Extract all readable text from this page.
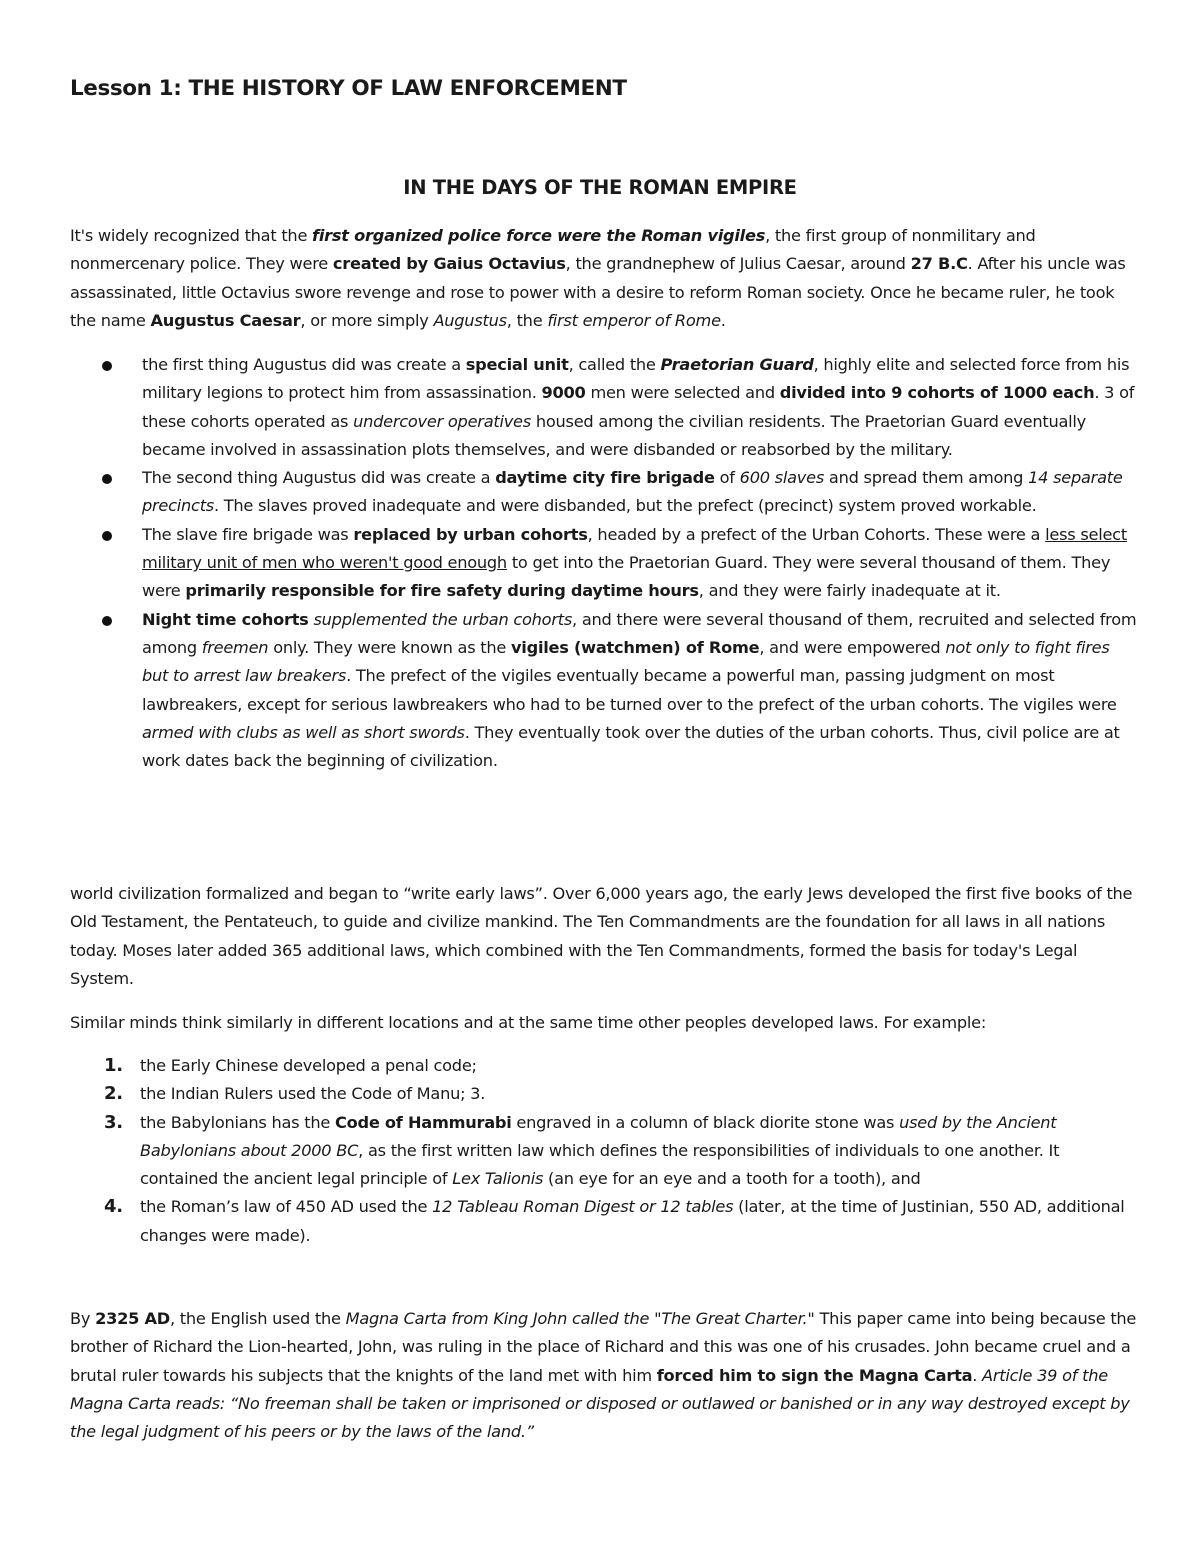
Lesson 1: THE HISTORY OF LAW ENFORCEMENT
IN THE DAYS OF THE ROMAN EMPIRE

It's widely recognized that the first organized police force were the Roman vigiles, the first group of nonmilitary and nonmercenary police. They were created by Gaius Octavius, the grandnephew of Julius Caesar, around 27 B.C. After his uncle was assassinated, little Octavius swore revenge and rose to power with a desire to reform Roman society. Once he became ruler, he took the name Augustus Caesar, or more simply Augustus, the first emperor of Rome.

the first thing Augustus did was create a special unit, called the Praetorian Guard, highly elite and selected force from his military legions to protect him from assassination. 9000 men were selected and divided into 9 cohorts of 1000 each. 3 of these cohorts operated as undercover operatives housed among the civilian residents. The Praetorian Guard eventually became involved in assassination plots themselves, and were disbanded or reabsorbed by the military.
The second thing Augustus did was create a daytime city fire brigade of 600 slaves and spread them among 14 separate precincts. The slaves proved inadequate and were disbanded, but the prefect (precinct) system proved workable.
The slave fire brigade was replaced by urban cohorts, headed by a prefect of the Urban Cohorts. These were a less select military unit of men who weren't good enough to get into the Praetorian Guard. They were several thousand of them. They were primarily responsible for fire safety during daytime hours, and they were fairly inadequate at it.
Night time cohorts supplemented the urban cohorts, and there were several thousand of them, recruited and selected from among freemen only. They were known as the vigiles (watchmen) of Rome, and were empowered not only to fight fires but to arrest law breakers. The prefect of the vigiles eventually became a powerful man, passing judgment on most lawbreakers, except for serious lawbreakers who had to be turned over to the prefect of the urban cohorts. The vigiles were armed with clubs as well as short swords. They eventually took over the duties of the urban cohorts. Thus, civil police are at work dates back the beginning of civilization.

world civilization formalized and began to “write early laws”. Over 6,000 years ago, the early Jews developed the first five books of the Old Testament, the Pentateuch, to guide and civilize mankind. The Ten Commandments are the foundation for all laws in all nations today. Moses later added 365 additional laws, which combined with the Ten Commandments, formed the basis for today's Legal System.

Similar minds think similarly in different locations and at the same time other peoples developed laws. For example:

1. the Early Chinese developed a penal code;
2. the Indian Rulers used the Code of Manu; 3.
3. the Babylonians has the Code of Hammurabi engraved in a column of black diorite stone was used by the Ancient Babylonians about 2000 BC, as the first written law which defines the responsibilities of individuals to one another. It contained the ancient legal principle of Lex Talionis (an eye for an eye and a tooth for a tooth), and
4. the Roman’s law of 450 AD used the 12 Tableau Roman Digest or 12 tables (later, at the time of Justinian, 550 AD, additional changes were made).

By 2325 AD, the English used the Magna Carta from King John called the "The Great Charter." This paper came into being because the brother of Richard the Lion-hearted, John, was ruling in the place of Richard and this was one of his crusades. John became cruel and a brutal ruler towards his subjects that the knights of the land met with him forced him to sign the Magna Carta. Article 39 of the Magna Carta reads: “No freeman shall be taken or imprisoned or disposed or outlawed or banished or in any way destroyed except by the legal judgment of his peers or by the laws of the land.”
